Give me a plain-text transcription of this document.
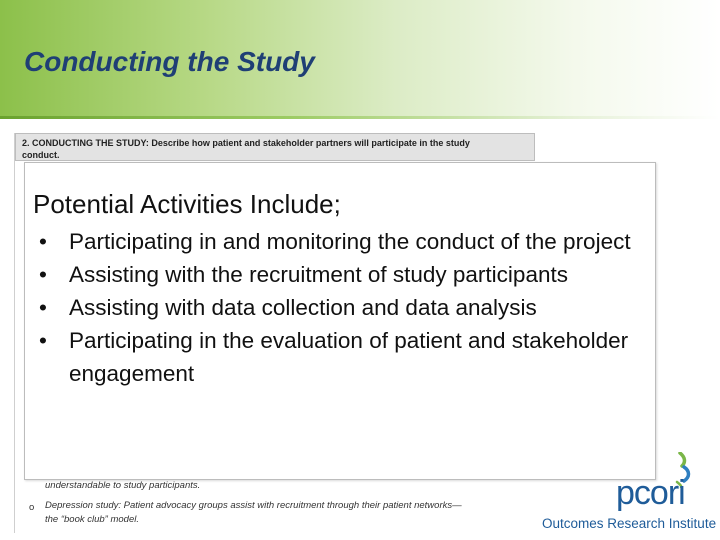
Conducting the Study
2. CONDUCTING THE STUDY: Describe how patient and stakeholder partners will participate in the study
conduct.
understandable to study participants.
o Depression study: Patient advocacy groups assist with recruitment through their patient networks—
the “book club” model.
Potential Activities Include;
• Participating in and monitoring the conduct of the project
• Assisting with the recruitment of study participants
• Assisting with data collection and data analysis
• Participating in the evaluation of patient and stakeholder engagement
pcori
Outcomes Research Institute
